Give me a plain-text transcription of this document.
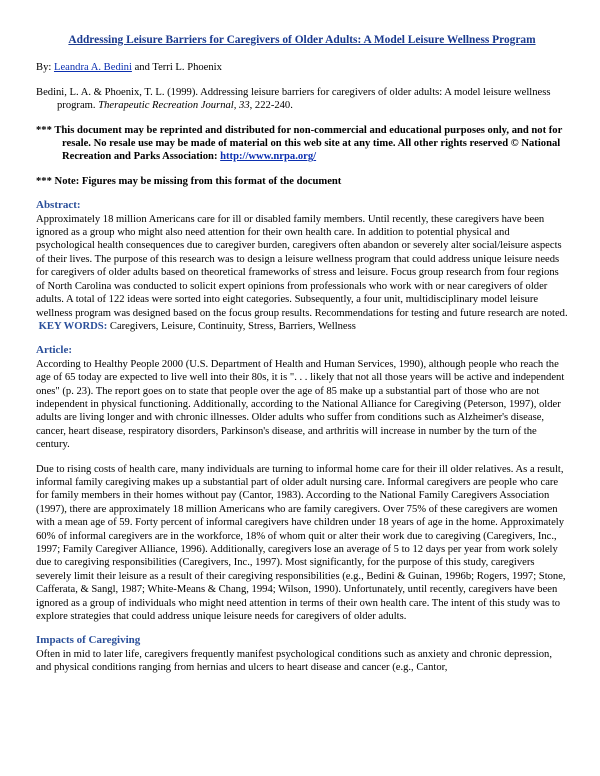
Addressing Leisure Barriers for Caregivers of Older Adults: A Model Leisure Wellness Program

By: Leandra A. Bedini and Terri L. Phoenix

Bedini, L. A. & Phoenix, T. L. (1999). Addressing leisure barriers for caregivers of older adults: A model leisure wellness program. Therapeutic Recreation Journal, 33, 222-240.

*** This document may be reprinted and distributed for non-commercial and educational purposes only, and not for resale. No resale use may be made of material on this web site at any time. All other rights reserved © National Recreation and Parks Association: http://www.nrpa.org/

*** Note: Figures may be missing from this format of the document

Abstract:

Approximately 18 million Americans care for ill or disabled family members. Until recently, these caregivers have been ignored as a group who might also need attention for their own health care. In addition to potential physical and psychological health consequences due to caregiver burden, caregivers often abandon or severely alter social/leisure aspects of their lives. The purpose of this research was to design a leisure wellness program that could address unique leisure needs for caregivers of older adults based on theoretical frameworks of stress and leisure. Focus group research from four regions of North Carolina was conducted to solicit expert opinions from professionals who work with or near caregivers of older adults. A total of 122 ideas were sorted into eight categories. Subsequently, a four unit, multidisciplinary model leisure wellness program was designed based on the focus group results. Recommendations for testing and future research are noted.

KEY WORDS: Caregivers, Leisure, Continuity, Stress, Barriers, Wellness

Article:

According to Healthy People 2000 (U.S. Department of Health and Human Services, 1990), although people who reach the age of 65 today are expected to live well into their 80s, it is ". . . likely that not all those years will be active and independent ones" (p. 23). The report goes on to state that people over the age of 85 make up a substantial part of those who are not independent in physical functioning. Additionally, according to the National Alliance for Caregiving (Peterson, 1997), older adults are living longer and with chronic illnesses. Older adults who suffer from conditions such as Alzheimer's disease, cancer, heart disease, respiratory disorders, Parkinson's disease, and arthritis will increase in number by the turn of the century.

Due to rising costs of health care, many individuals are turning to informal home care for their ill older relatives. As a result, informal family caregiving makes up a substantial part of older adult nursing care. Informal caregivers are people who care for family members in their homes without pay (Cantor, 1983). According to the National Family Caregivers Association (1997), there are approximately 18 million Americans who are family caregivers. Over 75% of these caregivers are women with a mean age of 59. Forty percent of informal caregivers have children under 18 years of age in the home. Approximately 60% of informal caregivers are in the workforce, 18% of whom quit or alter their work due to caregiving (Caregivers, Inc., 1997; Family Caregiver Alliance, 1996). Additionally, caregivers lose an average of 5 to 12 days per year from work solely due to caregiving responsibilities (Caregivers, Inc., 1997). Most significantly, for the purpose of this study, caregivers severely limit their leisure as a result of their caregiving responsibilities (e.g., Bedini & Guinan, 1996b; Rogers, 1997; Stone, Cafferata, & Sangl, 1987; White-Means & Chang, 1994; Wilson, 1990). Unfortunately, until recently, caregivers have been ignored as a group of individuals who might need attention in terms of their own health care. The intent of this study was to explore strategies that could address unique leisure needs for caregivers of older adults.

Impacts of Caregiving

Often in mid to later life, caregivers frequently manifest psychological conditions such as anxiety and chronic depression, and physical conditions ranging from hernias and ulcers to heart disease and cancer (e.g., Cantor,
